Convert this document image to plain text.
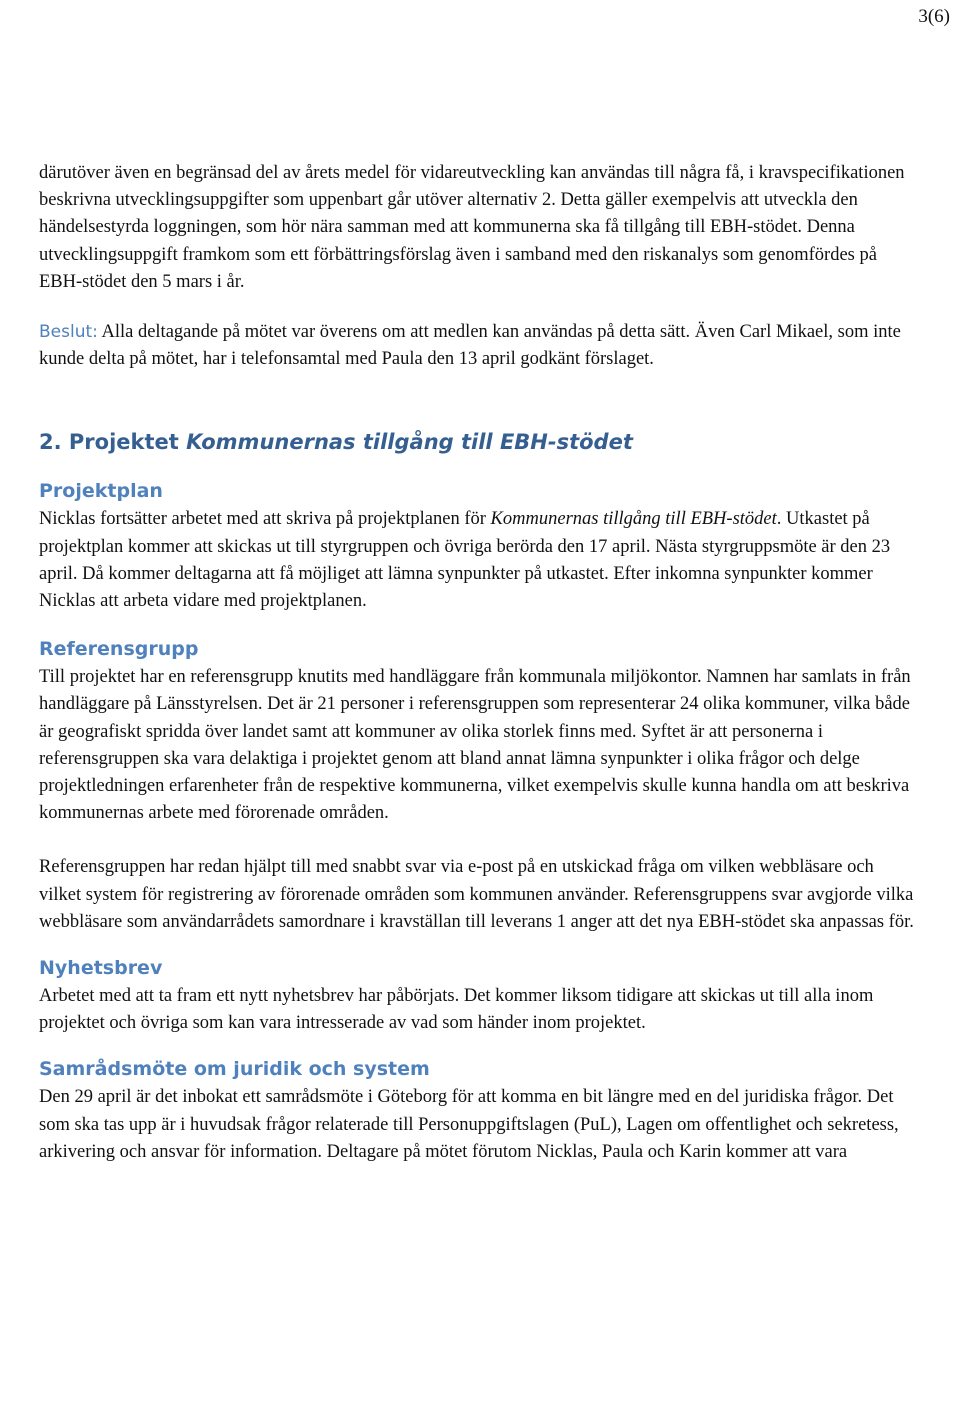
3(6)

därutöver även en begränsad del av årets medel för vidareutveckling kan användas till några få, i kravspecifikationen beskrivna utvecklingsuppgifter som uppenbart går utöver alternativ 2. Detta gäller exempelvis att utveckla den händelsestyrda loggningen, som hör nära samman med att kommunerna ska få tillgång till EBH-stödet. Denna utvecklingsuppgift framkom som ett förbättringsförslag även i samband med den riskanalys som genomfördes på EBH-stödet den 5 mars i år.

Beslut: Alla deltagande på mötet var överens om att medlen kan användas på detta sätt. Även Carl Mikael, som inte kunde delta på mötet, har i telefonsamtal med Paula den 13 april godkänt förslaget.

2. Projektet Kommunernas tillgång till EBH-stödet
Projektplan

Nicklas fortsätter arbetet med att skriva på projektplanen för Kommunernas tillgång till EBH-stödet. Utkastet på projektplan kommer att skickas ut till styrgruppen och övriga berörda den 17 april. Nästa styrgruppsmöte är den 23 april. Då kommer deltagarna att få möjliget att lämna synpunkter på utkastet. Efter inkomna synpunkter kommer Nicklas att arbeta vidare med projektplanen.

Referensgrupp

Till projektet har en referensgrupp knutits med handläggare från kommunala miljökontor. Namnen har samlats in från handläggare på Länsstyrelsen. Det är 21 personer i referensgruppen som representerar 24 olika kommuner, vilka både är geografiskt spridda över landet samt att kommuner av olika storlek finns med. Syftet är att personerna i referensgruppen ska vara delaktiga i projektet genom att bland annat lämna synpunkter i olika frågor och delge projektledningen erfarenheter från de respektive kommunerna, vilket exempelvis skulle kunna handla om att beskriva kommunernas arbete med förorenade områden.

Referensgruppen har redan hjälpt till med snabbt svar via e-post på en utskickad fråga om vilken webbläsare och vilket system för registrering av förorenade områden som kommunen använder. Referensgruppens svar avgjorde vilka webbläsare som användarrådets samordnare i kravställan till leverans 1 anger att det nya EBH-stödet ska anpassas för.

Nyhetsbrev

Arbetet med att ta fram ett nytt nyhetsbrev har påbörjats. Det kommer liksom tidigare att skickas ut till alla inom projektet och övriga som kan vara intresserade av vad som händer inom projektet.

Samrådsmöte om juridik och system

Den 29 april är det inbokat ett samrådsmöte i Göteborg för att komma en bit längre med en del juridiska frågor. Det som ska tas upp är i huvudsak frågor relaterade till Personuppgiftslagen (PuL), Lagen om offentlighet och sekretess, arkivering och ansvar för information. Deltagare på mötet förutom Nicklas, Paula och Karin kommer att vara
